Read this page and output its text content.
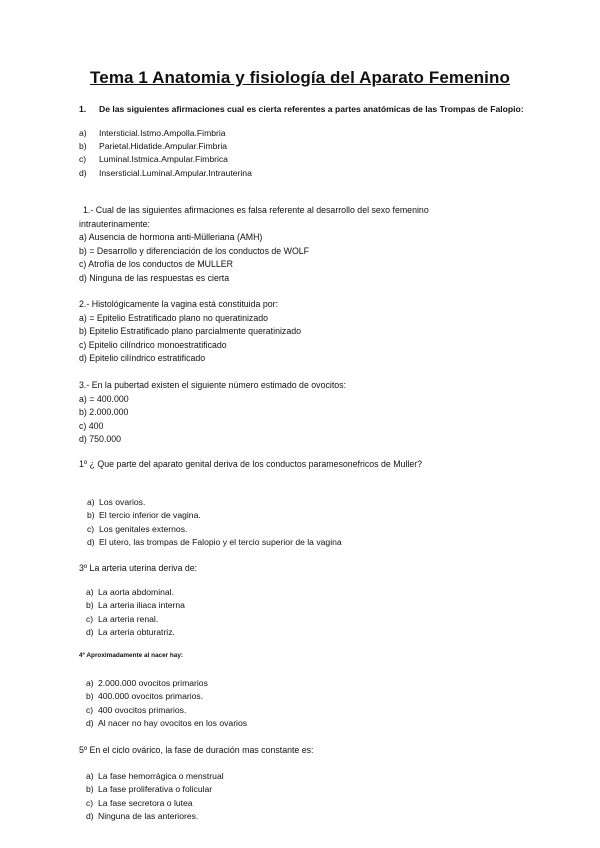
Tema 1 Anatomia y fisiología del Aparato Femenino
1. De las siguientes afirmaciones cual es cierta referentes a partes anatómicas de las Trompas de Falopio:
a)	Intersticial.Istmo.Ampolla.Fimbria
b)	Parietal.Hidatide.Ampular.Fimbria
c)	Luminal.Istmica.Ampular.Fimbrica
d)	Insersticial.Luminal.Ampular.Intrauterina
1.- Cual de las siguientes afirmaciones es falsa referente al desarrollo del sexo femenino
intrauterinamente:
a) Ausencia de hormona anti-Mülleriana (AMH)
b) = Desarrollo y diferenciación de los conductos de WOLF
c) Atrofía de los conductos de MULLER
d) Ninguna de las respuestas es cierta
2.- Histológicamente la vagina está constituida por:
a) = Epitelio Estratificado plano no queratinizado
b) Epitelio Estratificado plano parcialmente queratinizado
c) Epitelio cilíndrico monoestratificado
d) Epitelio cilíndrico estratificado
3.- En la pubertad existen el siguiente número estimado de ovocitos:
a) = 400.000
b) 2.000.000
c) 400
d) 750.000
1º ¿ Que parte del aparato genital deriva de los conductos paramesonefricos de Muller?
a) Los ovarios.
b) El tercio inferior de vagina.
c) Los genitales externos.
d) El utero, las trompas de Falopio y el tercio superior de la vagina
3º La arteria uterina deriva de:
a) La aorta abdominal.
b) La arteria iliaca interna
c) La arteria renal.
d) La arteria obturatriz.
4º Aproximadamente al nacer hay:
a) 2.000.000 ovocitos primarios
b) 400.000 ovocitos primarios.
c) 400 ovocitos primarios.
d) Al nacer no hay ovocitos en los ovarios
5º En el ciclo ovárico, la fase de duración mas constante es:
a) La fase hemorrágica o menstrual
b) La fase proliferativa o folicular
c) La fase secretora o lutea
d) Ninguna de las anteriores.
